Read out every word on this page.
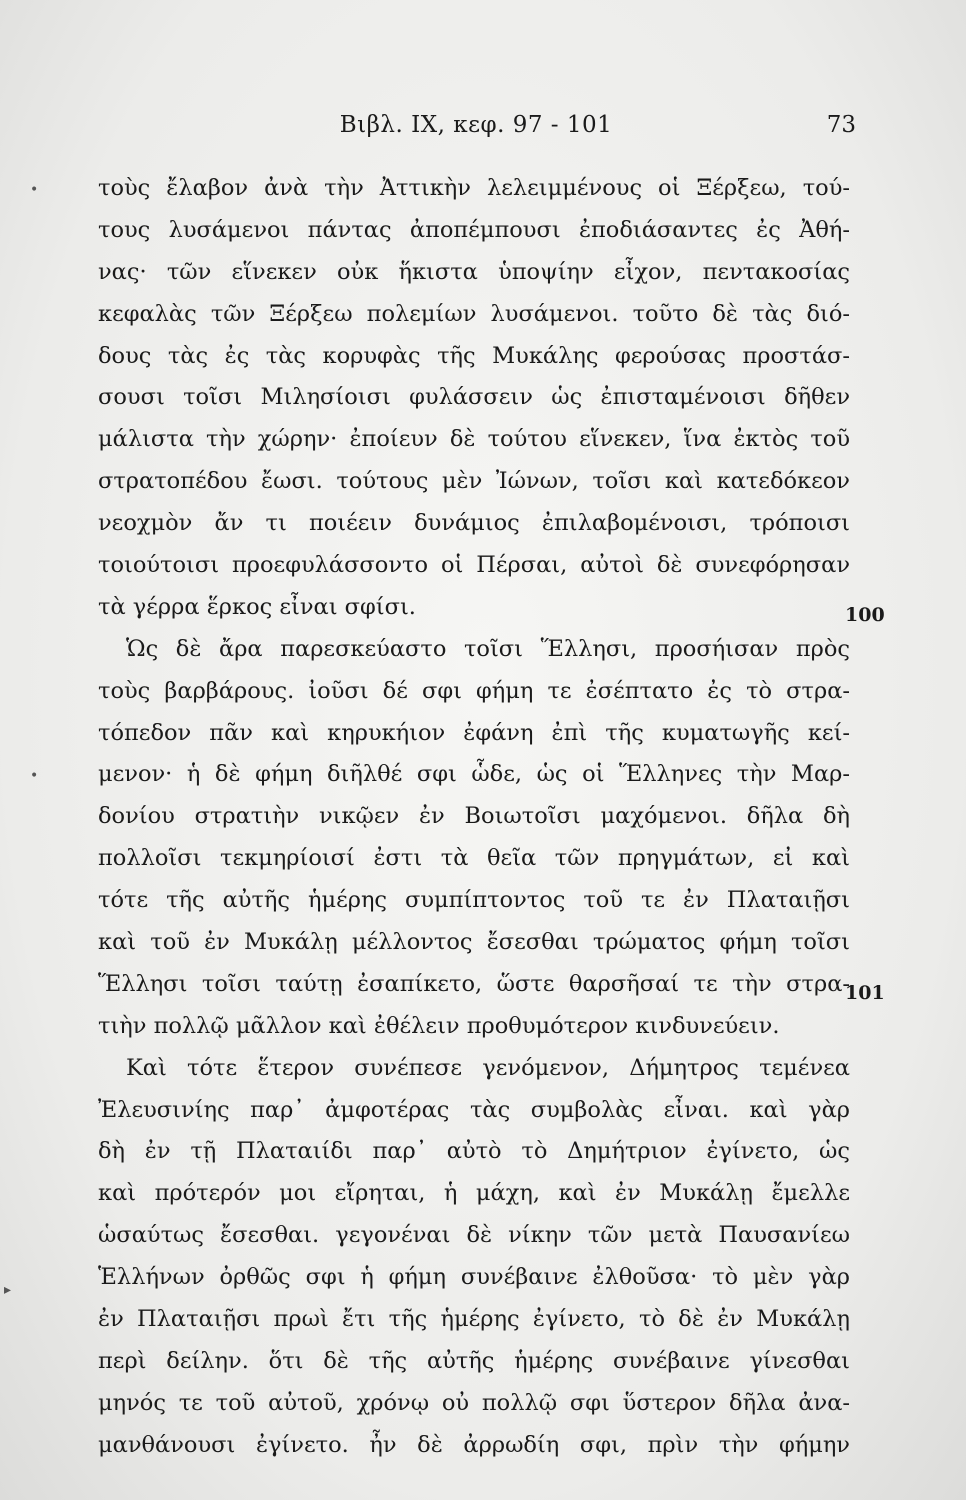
Βιβλ. IX, κεφ. 97 - 101	73
τοὺς ἔλαβον ἀνὰ τὴν Ἀττικὴν λελειμμένους οἱ Ξέρξεω, τού-
τους λυσάμενοι πάντας ἀποπέμπουσι ἐποδιάσαντες ἐς Ἀθή-
νας· τῶν εἵνεκεν οὐκ ἥκιστα ὑποψίην εἶχον, πεντακοσίας
κεφαλὰς τῶν Ξέρξεω πολεμίων λυσάμενοι. τοῦτο δὲ τὰς διό-
δους τὰς ἐς τὰς κορυφὰς τῆς Μυκάλης φερούσας προστάσ-
σουσι τοῖσι Μιλησίοισι φυλάσσειν ὡς ἐπισταμένοισι δῆθεν
μάλιστα τὴν χώρην· ἐποίευν δὲ τούτου εἵνεκεν, ἵνα ἐκτὸς τοῦ
στρατοπέδου ἔωσι. τούτους μὲν Ἰώνων, τοῖσι καὶ κατεδόκεον
νεοχμὸν ἄν τι ποιέειν δυνάμιος ἐπιλαβομένοισι, τρόποισι
τοιούτοισι προεφυλάσσοντο οἱ Πέρσαι, αὐτοὶ δὲ συνεφόρησαν
τὰ γέρρα ἕρκος εἶναι σφίσι.
Ὡς δὲ ἄρα παρεσκεύαστο τοῖσι Ἕλλησι, προσήισαν πρὸς
τοὺς βαρβάρους. ἰοῦσι δέ σφι φήμη τε ἐσέπτατο ἐς τὸ στρα-
τόπεδον πᾶν καὶ κηρυκήιον ἐφάνη ἐπὶ τῆς κυματωγῆς κεί-
μενον· ἡ δὲ φήμη διῆλθέ σφι ὧδε, ὡς οἱ Ἕλληνες τὴν Μαρ-
δονίου στρατιὴν νικῷεν ἐν Βοιωτοῖσι μαχόμενοι. δῆλα δὴ
πολλοῖσι τεκμηρίοισί ἐστι τὰ θεῖα τῶν πρηγμάτων, εἰ καὶ
τότε τῆς αὐτῆς ἡμέρης συμπίπτοντος τοῦ τε ἐν Πλαταιῇσι
καὶ τοῦ ἐν Μυκάλῃ μέλλοντος ἔσεσθαι τρώματος φήμη τοῖσι
Ἕλλησι τοῖσι ταύτῃ ἐσαπίκετο, ὥστε θαρσῆσαί τε τὴν στρα-
τιὴν πολλῷ μᾶλλον καὶ ἐθέλειν προθυμότερον κινδυνεύειν.
Καὶ τότε ἕτερον συνέπεσε γενόμενον, Δήμητρος τεμένεα
Ἐλευσινίης παρ᾽ ἀμφοτέρας τὰς συμβολὰς εἶναι. καὶ γὰρ
δὴ ἐν τῇ Πλαταιίδι παρ᾽ αὐτὸ τὸ Δημήτριον ἐγίνετο, ὡς
καὶ πρότερόν μοι εἴρηται, ἡ μάχη, καὶ ἐν Μυκάλῃ ἔμελλε
ὡσαύτως ἔσεσθαι. γεγονέναι δὲ νίκην τῶν μετὰ Παυσανίεω
Ἑλλήνων ὀρθῶς σφι ἡ φήμη συνέβαινε ἐλθοῦσα· τὸ μὲν γὰρ
ἐν Πλαταιῇσι πρωὶ ἔτι τῆς ἡμέρης ἐγίνετο, τὸ δὲ ἐν Μυκάλῃ
περὶ δείλην. ὅτι δὲ τῆς αὐτῆς ἡμέρης συνέβαινε γίνεσθαι
μηνός τε τοῦ αὐτοῦ, χρόνῳ οὐ πολλῷ σφι ὕστερον δῆλα ἀνα-
μανθάνουσι ἐγίνετο. ἦν δὲ ἀρρωδίη σφι, πρὶν τὴν φήμην
100
101
•
•
▸
